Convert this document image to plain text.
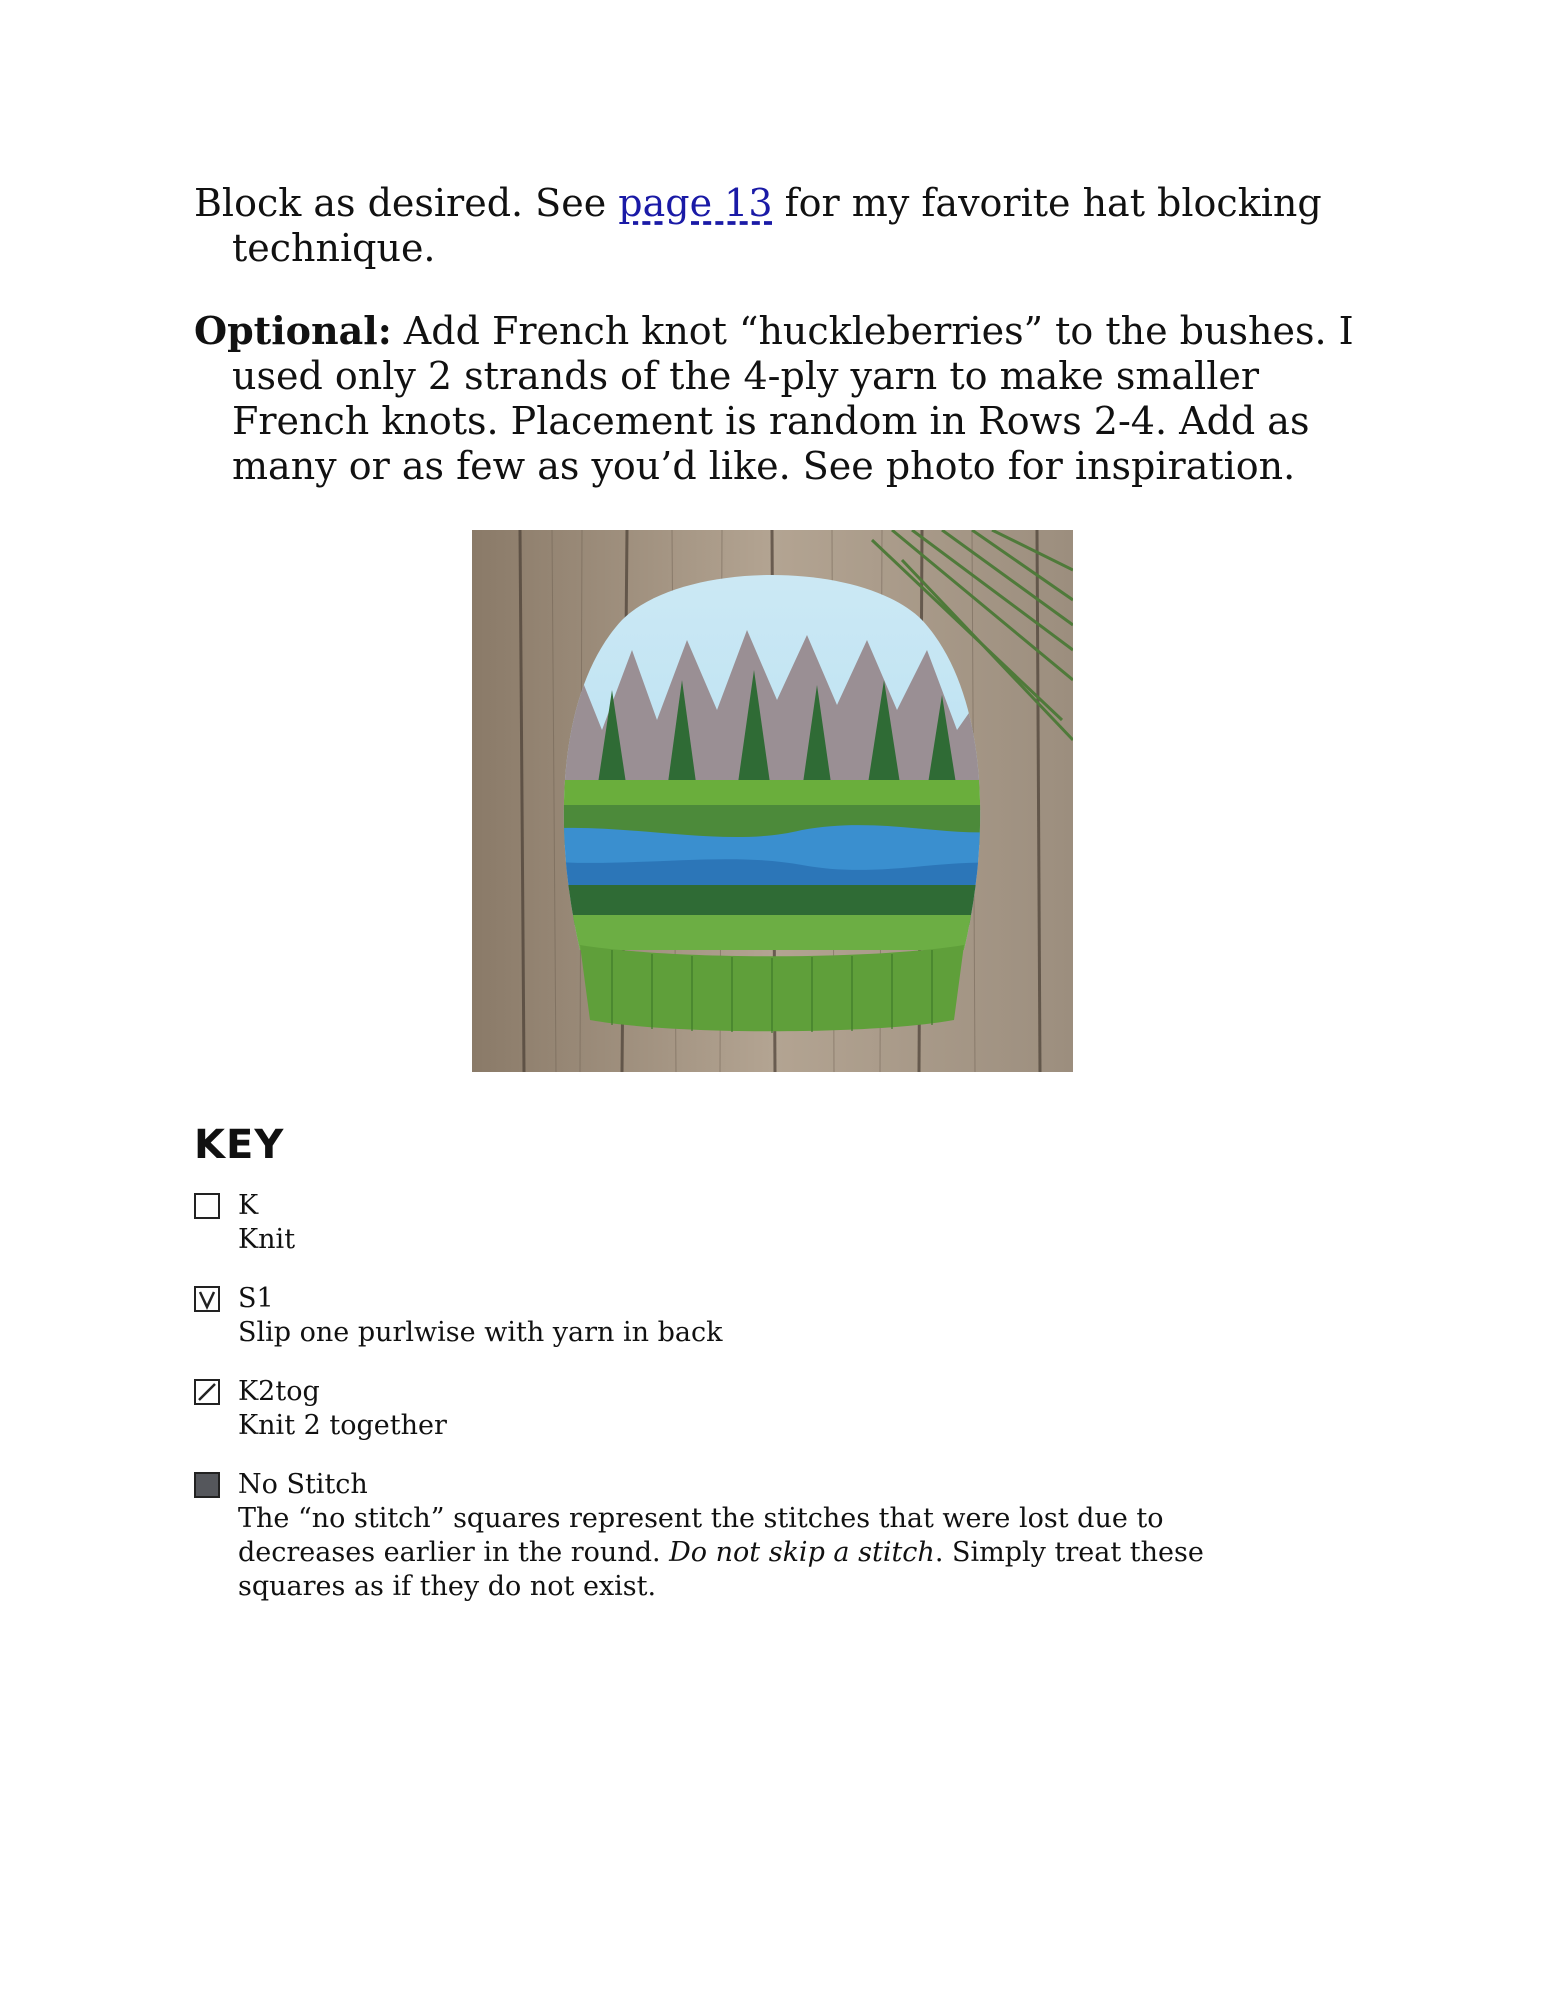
Block as desired. See page 13 for my favorite hat blocking
technique.
Optional: Add French knot “huckleberries” to the bushes. I
used only 2 strands of the 4-ply yarn to make smaller
French knots. Placement is random in Rows 2-4. Add as
many or as few as you’d like. See photo for inspiration.
KEY
K
Knit
S1
Slip one purlwise with yarn in back
K2tog
Knit 2 together
No Stitch
The “no stitch” squares represent the stitches that were lost due to decreases earlier in the round. Do not skip a stitch. Simply treat these squares as if they do not exist.
